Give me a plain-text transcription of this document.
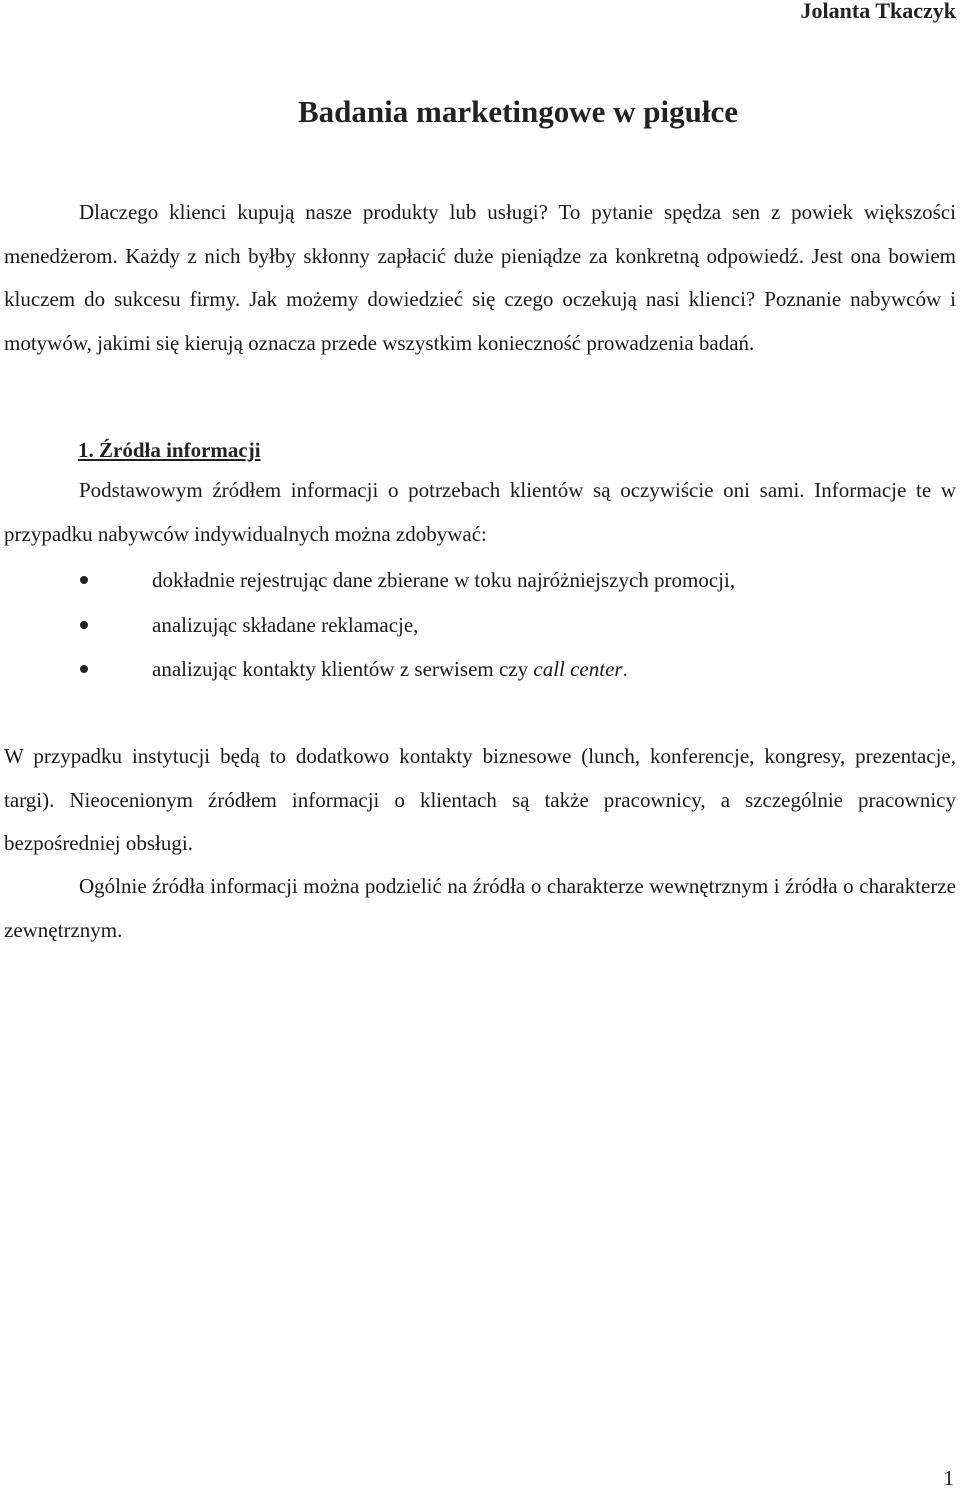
Jolanta Tkaczyk
Badania marketingowe w pigułce

Dlaczego klienci kupują nasze produkty lub usługi? To pytanie spędza sen z powiek większości menedżerom. Każdy z nich byłby skłonny zapłacić duże pieniądze za konkretną odpowiedź. Jest ona bowiem kluczem do sukcesu firmy. Jak możemy dowiedzieć się czego oczekują nasi klienci? Poznanie nabywców i motywów, jakimi się kierują oznacza przede wszystkim konieczność prowadzenia badań.

1. Źródła informacji

Podstawowym źródłem informacji o potrzebach klientów są oczywiście oni sami. Informacje te w przypadku nabywców indywidualnych można zdobywać:

dokładnie rejestrując dane zbierane w toku najróżniejszych promocji,
analizując składane reklamacje,
analizując kontakty klientów z serwisem czy call center.

W przypadku instytucji będą to dodatkowo kontakty biznesowe (lunch, konferencje, kongresy, prezentacje, targi). Nieocenionym źródłem informacji o klientach są także pracownicy, a szczególnie pracownicy bezpośredniej obsługi.

Ogólnie źródła informacji można podzielić na źródła o charakterze wewnętrznym i źródła o charakterze zewnętrznym.

1
